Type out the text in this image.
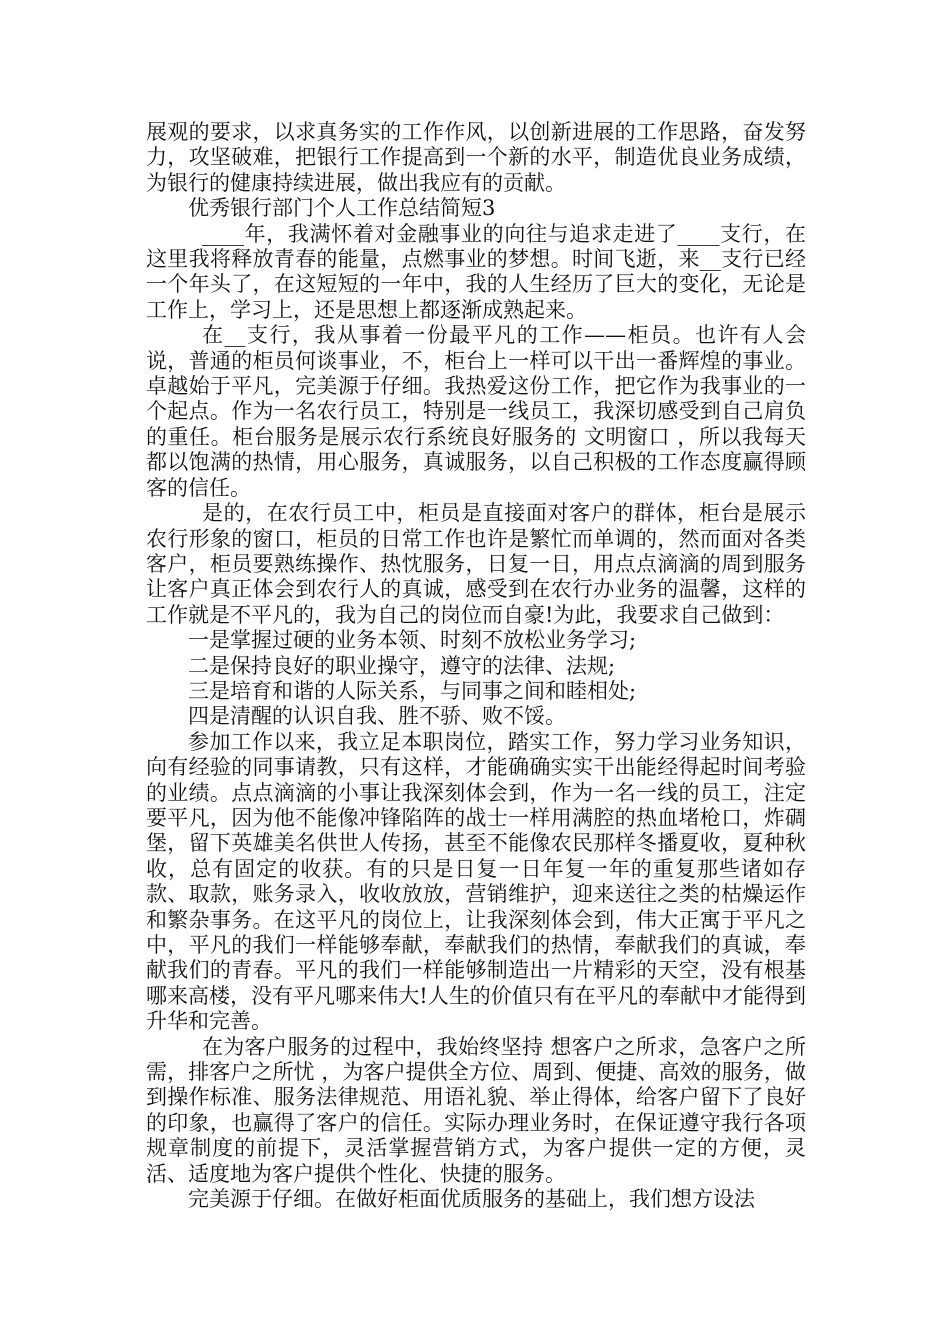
展观的要求，以求真务实的工作作风，以创新进展的工作思路，奋发努力，攻坚破难，把银行工作提高到一个新的水平，制造优良业务成绩，为银行的健康持续进展，做出我应有的贡献。

优秀银行部门个人工作总结简短3

____年，我满怀着对金融事业的向往与追求走进了____支行，在这里我将释放青春的能量，点燃事业的梦想。时间飞逝，来__支行已经一个年头了，在这短短的一年中，我的人生经历了巨大的变化，无论是工作上，学习上，还是思想上都逐渐成熟起来。

在__支行，我从事着一份最平凡的工作——柜员。也许有人会说，普通的柜员何谈事业，不，柜台上一样可以干出一番辉煌的事业。卓越始于平凡，完美源于仔细。我热爱这份工作，把它作为我事业的一个起点。作为一名农行员工，特别是一线员工，我深切感受到自己肩负的重任。柜台服务是展示农行系统良好服务的 文明窗口 ，所以我每天都以饱满的热情，用心服务，真诚服务，以自己积极的工作态度赢得顾客的信任。

是的，在农行员工中，柜员是直接面对客户的群体，柜台是展示农行形象的窗口，柜员的日常工作也许是繁忙而单调的，然而面对各类客户，柜员要熟练操作、热忱服务，日复一日，用点点滴滴的周到服务让客户真正体会到农行人的真诚，感受到在农行办业务的温馨，这样的工作就是不平凡的，我为自己的岗位而自豪!为此，我要求自己做到：

一是掌握过硬的业务本领、时刻不放松业务学习;

二是保持良好的职业操守，遵守的法律、法规;

三是培育和谐的人际关系，与同事之间和睦相处;

四是清醒的认识自我、胜不骄、败不馁。

参加工作以来，我立足本职岗位，踏实工作，努力学习业务知识，向有经验的同事请教，只有这样，才能确确实实干出能经得起时间考验的业绩。点点滴滴的小事让我深刻体会到，作为一名一线的员工，注定要平凡，因为他不能像冲锋陷阵的战士一样用满腔的热血堵枪口，炸碉堡，留下英雄美名供世人传扬，甚至不能像农民那样冬播夏收，夏种秋收，总有固定的收获。有的只是日复一日年复一年的重复那些诸如存款、取款，账务录入，收收放放，营销维护，迎来送往之类的枯燥运作和繁杂事务。在这平凡的岗位上，让我深刻体会到，伟大正寓于平凡之中，平凡的我们一样能够奉献，奉献我们的热情，奉献我们的真诚，奉献我们的青春。平凡的我们一样能够制造出一片精彩的天空，没有根基哪来高楼，没有平凡哪来伟大!人生的价值只有在平凡的奉献中才能得到升华和完善。

在为客户服务的过程中，我始终坚持 想客户之所求，急客户之所需，排客户之所忧 ，为客户提供全方位、周到、便捷、高效的服务，做到操作标准、服务法律规范、用语礼貌、举止得体，给客户留下了良好的印象，也赢得了客户的信任。实际办理业务时，在保证遵守我行各项规章制度的前提下，灵活掌握营销方式，为客户提供一定的方便，灵活、适度地为客户提供个性化、快捷的服务。

完美源于仔细。在做好柜面优质服务的基础上，我们想方设法
